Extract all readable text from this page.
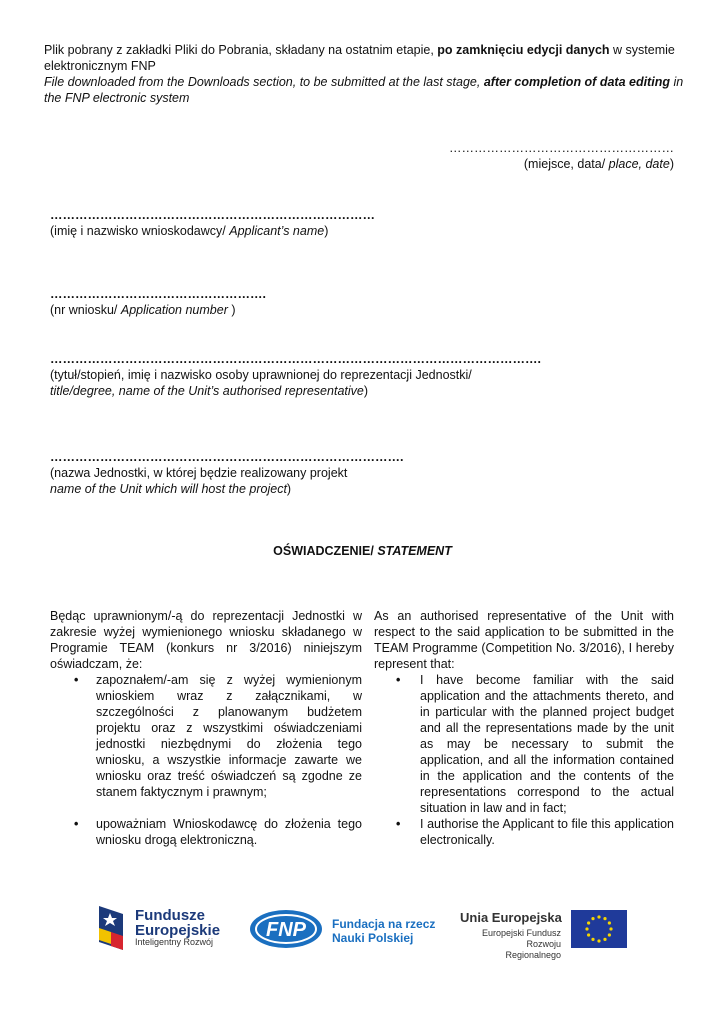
Plik pobrany z zakładki Pliki do Pobrania, składany na ostatnim etapie, po zamknięciu edycji danych w systemie elektronicznym FNP
File downloaded from the Downloads section, to be submitted at the last stage, after completion of data editing in the FNP electronic system
………………………………………………
(miejsce, data/ place, date)
……………………………………………………………………
(imię i nazwisko wnioskodawcy/ Applicant’s name)
…………………………………………….
(nr wniosku/ Application number )
……………………………………………………………………………………………………….
(tytuł/stopień, imię i nazwisko osoby uprawnionej do reprezentacji Jednostki/
title/degree, name of the Unit’s authorised representative)
………………………………………………………………………….
(nazwa Jednostki, w której będzie realizowany projekt
name of the Unit which will host the project)
OŚWIADCZENIE/ STATEMENT
Będąc uprawnionym/-ą do reprezentacji Jednostki w zakresie wyżej wymienionego wniosku składanego w Programie TEAM (konkurs nr 3/2016) niniejszym oświadczam, że:
• zapoznałem/-am się z wyżej wymienionym wnioskiem wraz z załącznikami, w szczególności z planowanym budżetem projektu oraz z wszystkimi oświadczeniami jednostki niezbędnymi do złożenia tego wniosku, a wszystkie informacje zawarte we wniosku oraz treść oświadczeń są zgodne ze stanem faktycznym i prawnym;
• upoważniam Wnioskodawcę do złożenia tego wniosku drogą elektroniczną.
As an authorised representative of the Unit with respect to the said application to be submitted in the TEAM Programme (Competition No. 3/2016), I hereby represent that:
• I have become familiar with the said application and the attachments thereto, and in particular with the planned project budget and all the representations made by the unit as may be necessary to submit the application, and all the information contained in the application and the contents of the representations correspond to the actual situation in law and in fact;
• I authorise the Applicant to file this application electronically.
Fundusze
Europejskie
Inteligentny Rozwój
FNP Fundacja na rzecz
Nauki Polskiej
Unia Europejska
Europejski Fundusz
Rozwoju Regionalnego
